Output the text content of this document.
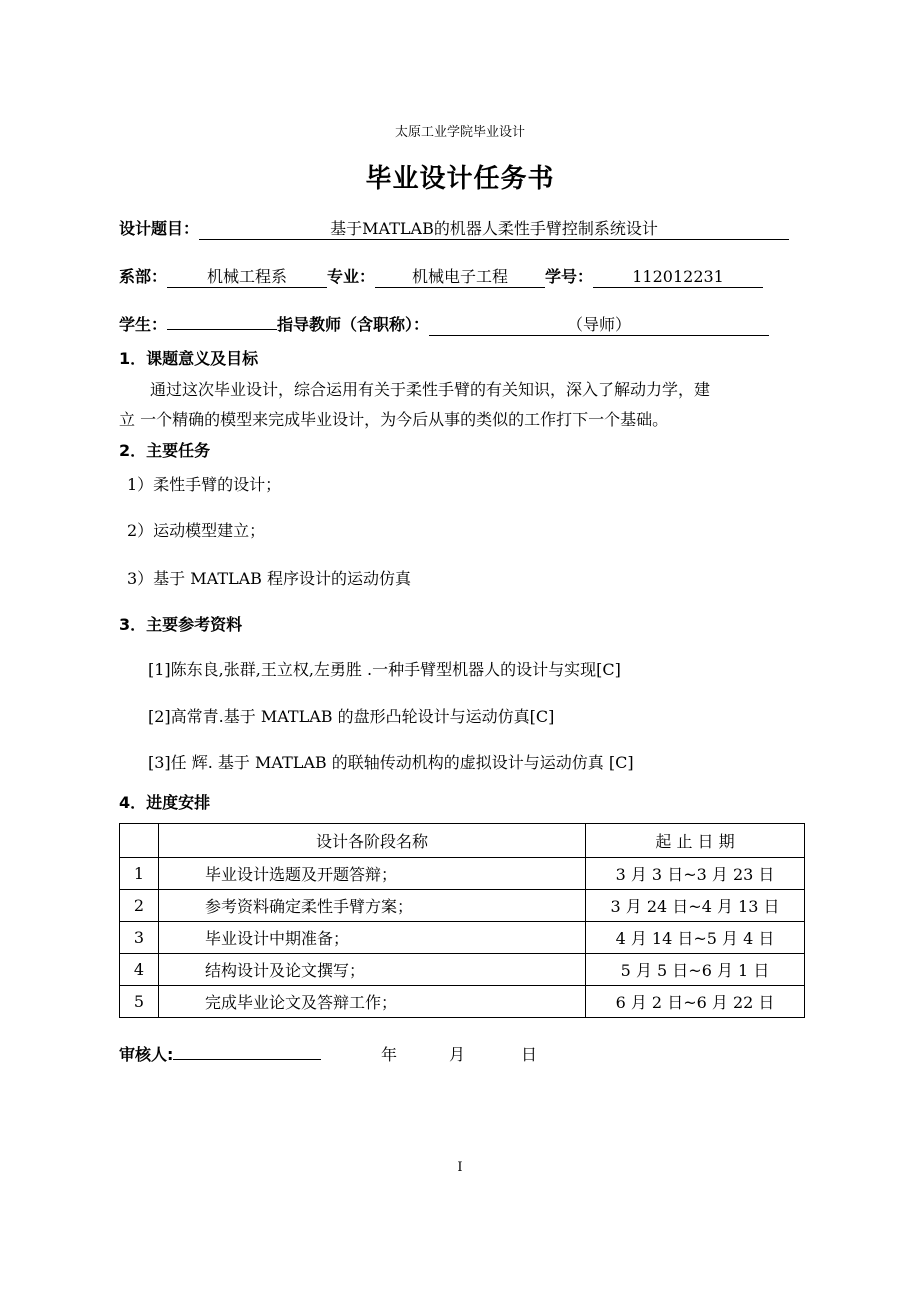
太原工业学院毕业设计
毕业设计任务书
设计题目：	基于MATLAB的机器人柔性手臂控制系统设计
系部： 机械工程系	专业： 机械电子工程 学号： 112012231
学生：	指导教师（含职称）：	（导师）
1．课题意义及目标
通过这次毕业设计，综合运用有关于柔性手臂的有关知识，深入了解动力学，建
立 一个精确的模型来完成毕业设计，为今后从事的类似的工作打下一个基础。
2．主要任务
1）柔性手臂的设计；
2）运动模型建立；
3）基于 MATLAB 程序设计的运动仿真
3．主要参考资料
[1]陈东良,张群,王立权,左勇胜 .一种手臂型机器人的设计与实现[C]
[2]高常青.基于 MATLAB 的盘形凸轮设计与运动仿真[C]
[3]任 辉. 基于 MATLAB 的联轴传动机构的虚拟设计与运动仿真 [C]
4．进度安排
	设计各阶段名称	起 止 日 期
1	毕业设计选题及开题答辩；	3 月 3 日~3 月 23 日
2	参考资料确定柔性手臂方案；	3 月 24 日~4 月 13 日
3	毕业设计中期准备；	4 月 14 日~5 月 4 日
4	结构设计及论文撰写；	5 月 5 日~6 月 1 日
5	完成毕业论文及答辩工作；	6 月 2 日~6 月 22 日
审核人:	年	月	日
I
